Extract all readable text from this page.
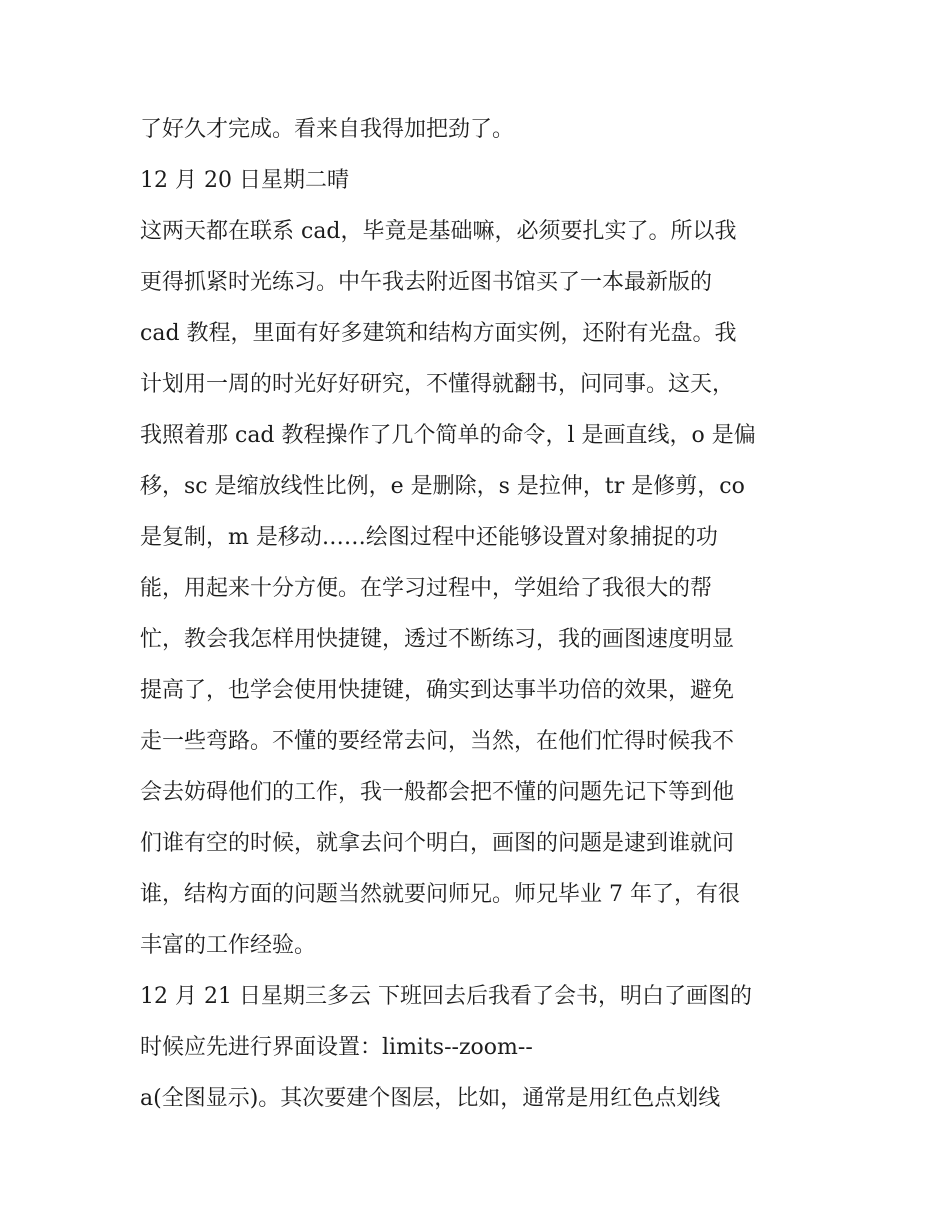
了好久才完成。看来自我得加把劲了。
12 月 20 日星期二晴
这两天都在联系 cad，毕竟是基础嘛，必须要扎实了。所以我
更得抓紧时光练习。中午我去附近图书馆买了一本最新版的
cad 教程，里面有好多建筑和结构方面实例，还附有光盘。我
计划用一周的时光好好研究，不懂得就翻书，问同事。这天，
我照着那 cad 教程操作了几个简单的命令，l 是画直线，o 是偏
移，sc 是缩放线性比例，e 是删除，s 是拉伸，tr 是修剪，co
是复制，m 是移动……绘图过程中还能够设置对象捕捉的功
能，用起来十分方便。在学习过程中，学姐给了我很大的帮
忙，教会我怎样用快捷键，透过不断练习，我的画图速度明显
提高了，也学会使用快捷键，确实到达事半功倍的效果，避免
走一些弯路。不懂的要经常去问，当然，在他们忙得时候我不
会去妨碍他们的工作，我一般都会把不懂的问题先记下等到他
们谁有空的时候，就拿去问个明白，画图的问题是逮到谁就问
谁，结构方面的问题当然就要问师兄。师兄毕业 7 年了，有很
丰富的工作经验。
12 月 21 日星期三多云 下班回去后我看了会书，明白了画图的
时候应先进行界面设置：limits--zoom--
a(全图显示)。其次要建个图层，比如，通常是用红色点划线
